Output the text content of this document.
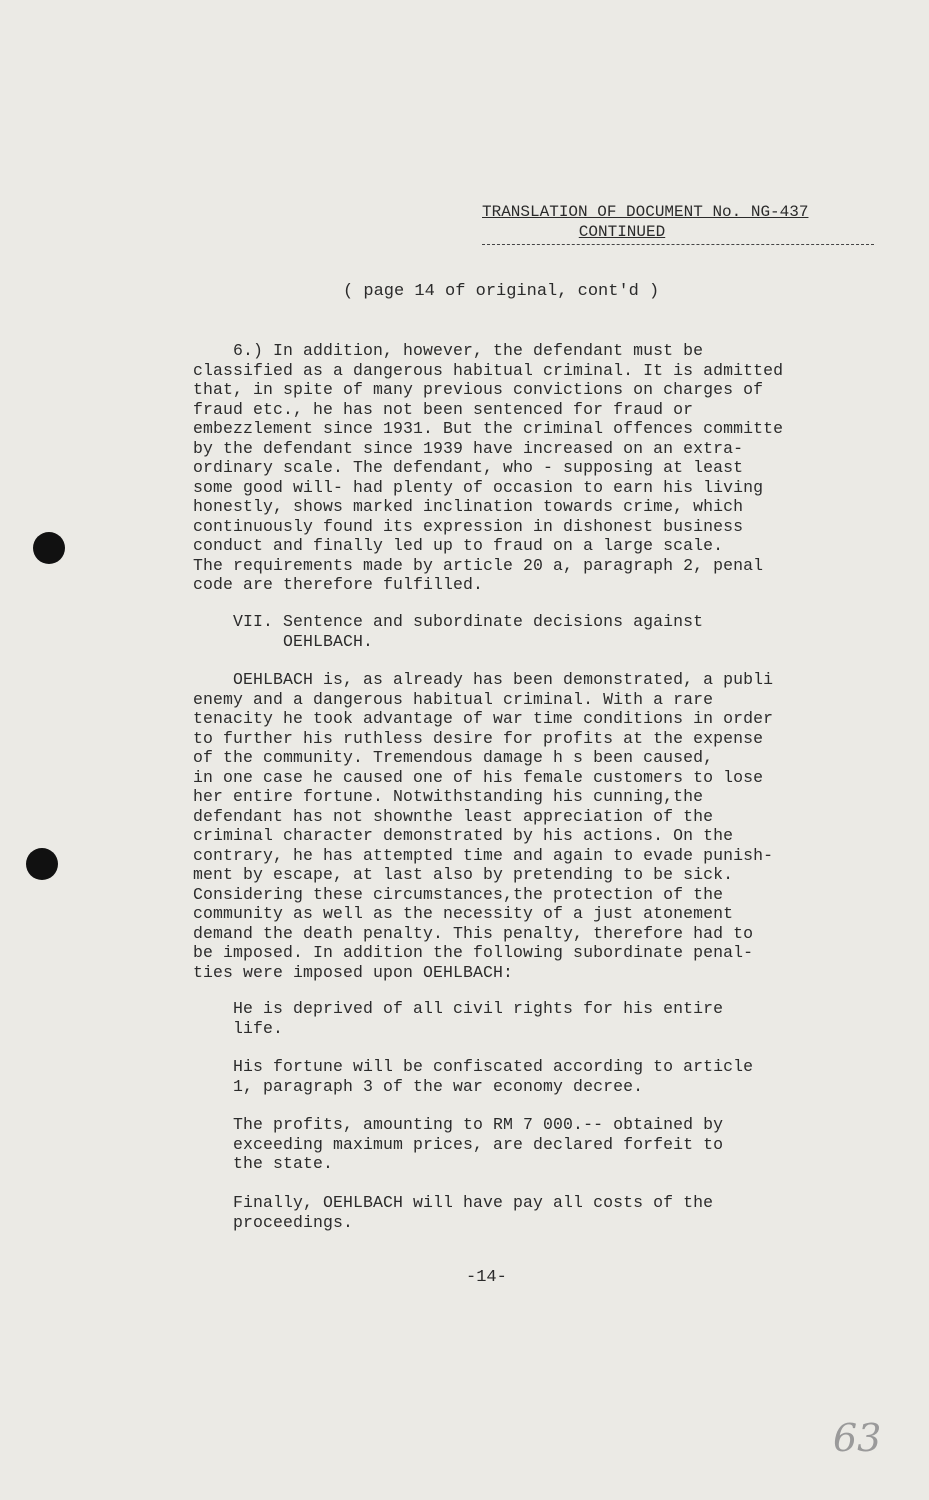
TRANSLATION OF DOCUMENT No. NG-437
CONTINUED
( page 14 of original, cont'd )
6.) In addition, however, the defendant must be
classified as a dangerous habitual criminal. It is admitted
that, in spite of many previous convictions on charges of
fraud etc., he has not been sentenced for fraud or
embezzlement since 1931. But the criminal offences committe
by the defendant since 1939 have increased on an extra-
ordinary scale. The defendant, who - supposing at least
some good will- had plenty of occasion to earn his living
honestly, shows marked inclination towards crime, which
continuously found its expression in dishonest business
conduct and finally led up to fraud on a large scale.
The requirements made by article 20 a, paragraph 2, penal
code are therefore fulfilled.
VII. Sentence and subordinate decisions against
OEHLBACH.
OEHLBACH is, as already has been demonstrated, a publi
enemy and a dangerous habitual criminal. With a rare
tenacity he took advantage of war time conditions in order
to further his ruthless desire for profits at the expense
of the community. Tremendous damage h s been caused,
in one case he caused one of his female customers to lose
her entire fortune. Notwithstanding his cunning,the
defendant has not shownthe least appreciation of the
criminal character demonstrated by his actions. On the
contrary, he has attempted time and again to evade punish-
ment by escape, at last also by pretending to be sick.
Considering these circumstances,the protection of the
community as well as the necessity of a just atonement
demand the death penalty. This penalty, therefore had to
be imposed. In addition the following subordinate penal-
ties were imposed upon OEHLBACH:
He is deprived of all civil rights for his entire
life.
His fortune will be confiscated according to article
1, paragraph 3 of the war economy decree.
The profits, amounting to RM 7 000.-- obtained by
exceeding maximum prices, are declared forfeit to
the state.
Finally, OEHLBACH will have pay all costs of the
proceedings.
-14-
63
